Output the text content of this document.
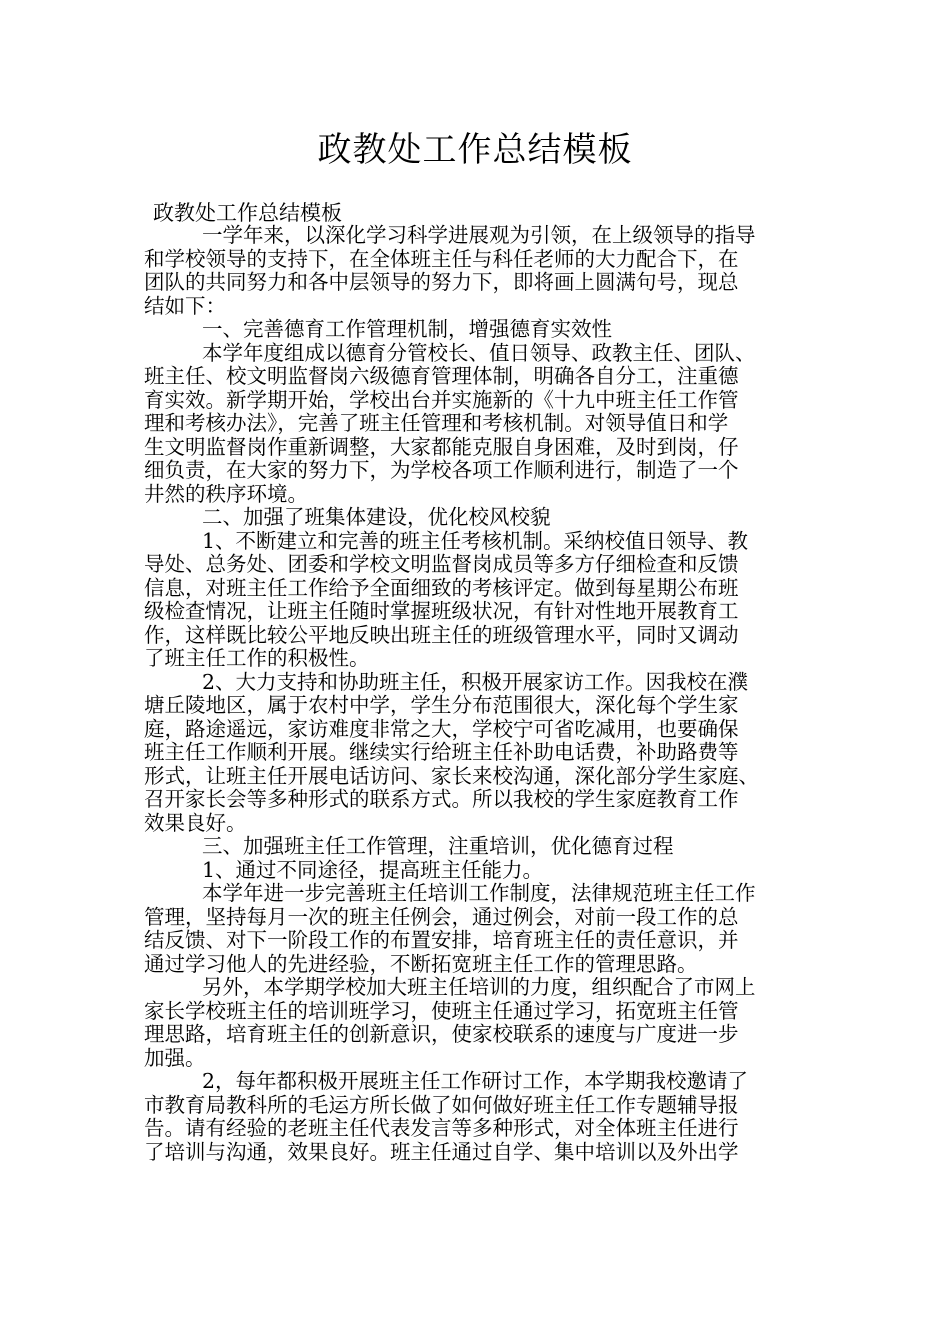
政教处工作总结模板
政教处工作总结模板
一学年来，以深化学习科学进展观为引领，在上级领导的指导
和学校领导的支持下，在全体班主任与科任老师的大力配合下，在
团队的共同努力和各中层领导的努力下，即将画上圆满句号，现总
结如下：
一、完善德育工作管理机制，增强德育实效性
本学年度组成以德育分管校长、值日领导、政教主任、团队、
班主任、校文明监督岗六级德育管理体制，明确各自分工，注重德
育实效。新学期开始，学校出台并实施新的《十九中班主任工作管
理和考核办法》，完善了班主任管理和考核机制。对领导值日和学
生文明监督岗作重新调整，大家都能克服自身困难，及时到岗，仔
细负责，在大家的努力下，为学校各项工作顺利进行，制造了一个
井然的秩序环境。
二、加强了班集体建设，优化校风校貌
1、不断建立和完善的班主任考核机制。采纳校值日领导、教
导处、总务处、团委和学校文明监督岗成员等多方仔细检查和反馈
信息，对班主任工作给予全面细致的考核评定。做到每星期公布班
级检查情况，让班主任随时掌握班级状况，有针对性地开展教育工
作，这样既比较公平地反映出班主任的班级管理水平，同时又调动
了班主任工作的积极性。
2、大力支持和协助班主任，积极开展家访工作。因我校在濮
塘丘陵地区，属于农村中学，学生分布范围很大，深化每个学生家
庭，路途遥远，家访难度非常之大，学校宁可省吃减用，也要确保
班主任工作顺利开展。继续实行给班主任补助电话费，补助路费等
形式，让班主任开展电话访问、家长来校沟通，深化部分学生家庭、
召开家长会等多种形式的联系方式。所以我校的学生家庭教育工作
效果良好。
三、加强班主任工作管理，注重培训，优化德育过程
1、通过不同途径，提高班主任能力。
本学年进一步完善班主任培训工作制度，法律规范班主任工作
管理，坚持每月一次的班主任例会，通过例会，对前一段工作的总
结反馈、对下一阶段工作的布置安排，培育班主任的责任意识，并
通过学习他人的先进经验，不断拓宽班主任工作的管理思路。
另外，本学期学校加大班主任培训的力度，组织配合了市网上
家长学校班主任的培训班学习，使班主任通过学习，拓宽班主任管
理思路，培育班主任的创新意识，使家校联系的速度与广度进一步
加强。
2，每年都积极开展班主任工作研讨工作，本学期我校邀请了
市教育局教科所的毛运方所长做了如何做好班主任工作专题辅导报
告。请有经验的老班主任代表发言等多种形式，对全体班主任进行
了培训与沟通，效果良好。班主任通过自学、集中培训以及外出学
